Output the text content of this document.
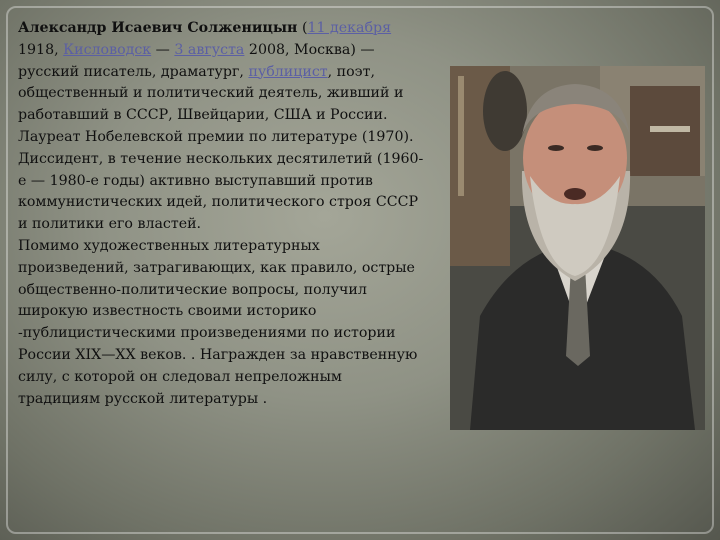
Александр Исаевич Солженицын (11 декабря 1918, Кисловодск — 3 августа 2008, Москва) — русский писатель, драматург, публицист, поэт, общественный и политический деятель, живший и работавший в СССР, Швейцарии, США и России.
Лауреат Нобелевской премии по литературе (1970). Диссидент, в течение нескольких десятилетий (1960-е — 1980-е годы) активно выступавший против коммунистических идей, политического строя СССР и политики его властей.
Помимо художественных литературных произведений, затрагивающих, как правило, острые общественно-политические вопросы, получил широкую известность своими историко -публицистическими произведениями по истории России XIX—XX веков. . Награжден за нравственную силу, с которой он следовал непреложным традициям русской литературы .
